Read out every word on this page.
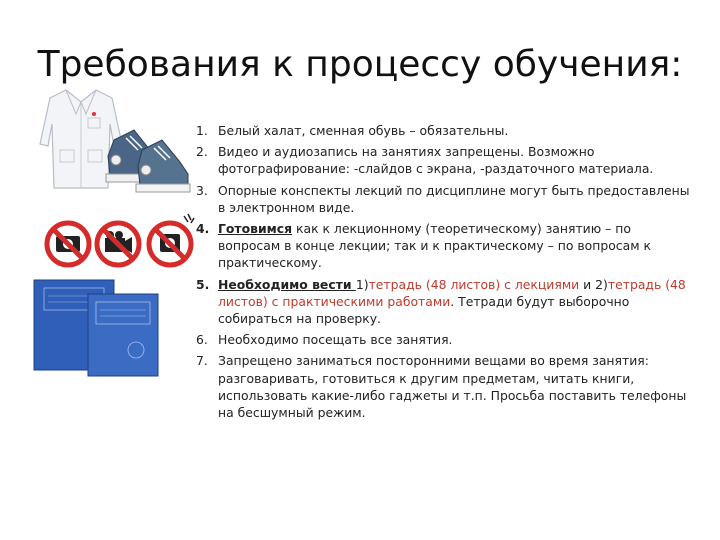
Требования к процессу обучения:
1. Белый халат, сменная обувь – обязательны.
2. Видео и аудиозапись на занятиях запрещены. Возможно фотографирование: -слайдов с экрана, -раздаточного материала.
3. Опорные конспекты лекций по дисциплине могут быть предоставлены в электронном виде.
4. Готовимся как к лекционному (теоретическому) занятию – по вопросам в конце лекции; так и к практическому – по вопросам к практическому.
5. Необходимо вести 1)тетрадь (48 листов) с лекциями и 2)тетрадь (48 листов) с практическими работами. Тетради будут выборочно собираться на проверку.
6. Необходимо посещать все занятия.
7. Запрещено заниматься посторонними вещами во время занятия: разговаривать, готовиться к другим предметам, читать книги, использовать какие-либо гаджеты и т.п. Просьба поставить телефоны на бесшумный режим.
